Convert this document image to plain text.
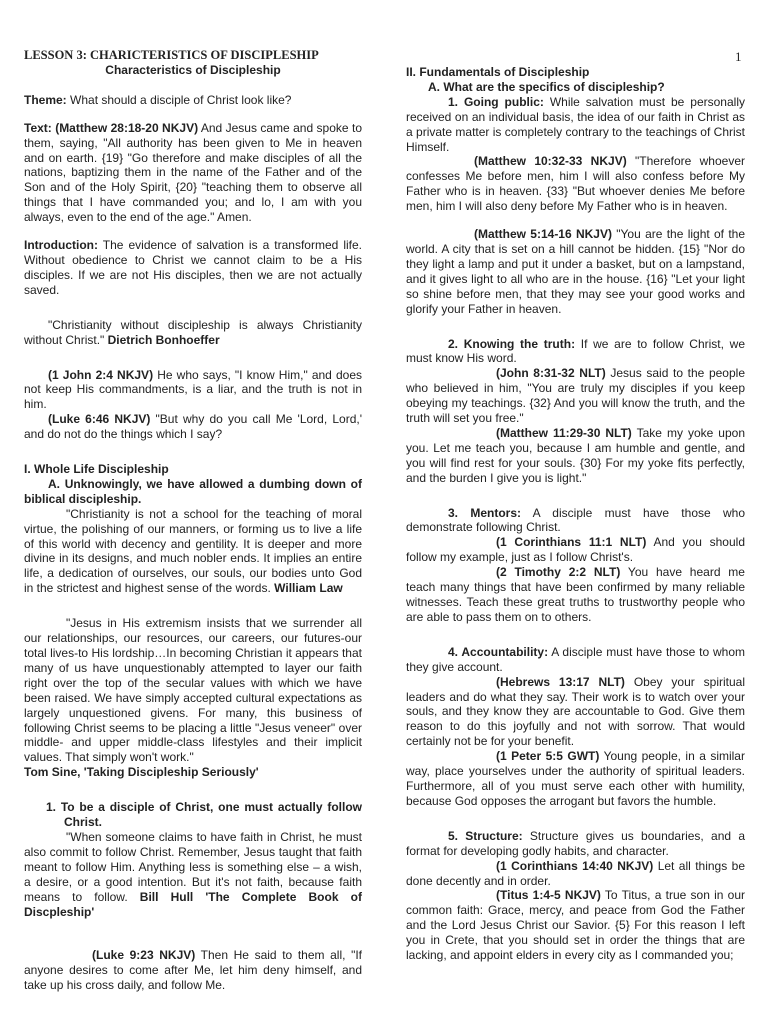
1

LESSON 3: CHARICTERISTICS OF DISCIPLESHIP

Characteristics of Discipleship

Theme: What should a disciple of Christ look like?

Text: (Matthew 28:18-20 NKJV) And Jesus came and spoke to them, saying, "All authority has been given to Me in heaven and on earth. {19} "Go therefore and make disciples of all the nations, baptizing them in the name of the Father and of the Son and of the Holy Spirit, {20} "teaching them to observe all things that I have commanded you; and lo, I am with you always, even to the end of the age." Amen.

Introduction: The evidence of salvation is a transformed life. Without obedience to Christ we cannot claim to be a His disciples. If we are not His disciples, then we are not actually saved.

"Christianity without discipleship is always Christianity without Christ." Dietrich Bonhoeffer

(1 John 2:4 NKJV) He who says, "I know Him," and does not keep His commandments, is a liar, and the truth is not in him.

(Luke 6:46 NKJV) "But why do you call Me 'Lord, Lord,' and do not do the things which I say?

I. Whole Life Discipleship

A. Unknowingly, we have allowed a dumbing down of biblical discipleship.

"Christianity is not a school for the teaching of moral virtue, the polishing of our manners, or forming us to live a life of this world with decency and gentility. It is deeper and more divine in its designs, and much nobler ends. It implies an entire life, a dedication of ourselves, our souls, our bodies unto God in the strictest and highest sense of the words. William Law

"Jesus in His extremism insists that we surrender all our relationships, our resources, our careers, our futures-our total lives-to His lordship…In becoming Christian it appears that many of us have unquestionably attempted to layer our faith right over the top of the secular values with which we have been raised. We have simply accepted cultural expectations as largely unquestioned givens. For many, this business of following Christ seems to be placing a little "Jesus veneer" over middle- and upper middle-class lifestyles and their implicit values. That simply won't work."

Tom Sine, 'Taking Discipleship Seriously'

1. To be a disciple of Christ, one must actually follow Christ.

"When someone claims to have faith in Christ, he must also commit to follow Christ. Remember, Jesus taught that faith meant to follow Him. Anything less is something else – a wish, a desire, or a good intention. But it's not faith, because faith means to follow. Bill Hull 'The Complete Book of Discpleship'

(Luke 9:23 NKJV) Then He said to them all, "If anyone desires to come after Me, let him deny himself, and take up his cross daily, and follow Me.

II. Fundamentals of Discipleship

A. What are the specifics of discipleship?

1. Going public: While salvation must be personally received on an individual basis, the idea of our faith in Christ as a private matter is completely contrary to the teachings of Christ Himself.

(Matthew 10:32-33 NKJV) "Therefore whoever confesses Me before men, him I will also confess before My Father who is in heaven. {33} "But whoever denies Me before men, him I will also deny before My Father who is in heaven.

(Matthew 5:14-16 NKJV) "You are the light of the world. A city that is set on a hill cannot be hidden. {15} "Nor do they light a lamp and put it under a basket, but on a lampstand, and it gives light to all who are in the house. {16} "Let your light so shine before men, that they may see your good works and glorify your Father in heaven.

2. Knowing the truth: If we are to follow Christ, we must know His word.

(John 8:31-32 NLT) Jesus said to the people who believed in him, "You are truly my disciples if you keep obeying my teachings. {32} And you will know the truth, and the truth will set you free."

(Matthew 11:29-30 NLT) Take my yoke upon you. Let me teach you, because I am humble and gentle, and you will find rest for your souls. {30} For my yoke fits perfectly, and the burden I give you is light."

3. Mentors: A disciple must have those who demonstrate following Christ.

(1 Corinthians 11:1 NLT) And you should follow my example, just as I follow Christ's.

(2 Timothy 2:2 NLT) You have heard me teach many things that have been confirmed by many reliable witnesses. Teach these great truths to trustworthy people who are able to pass them on to others.

4. Accountability: A disciple must have those to whom they give account.

(Hebrews 13:17 NLT) Obey your spiritual leaders and do what they say. Their work is to watch over your souls, and they know they are accountable to God. Give them reason to do this joyfully and not with sorrow. That would certainly not be for your benefit.

(1 Peter 5:5 GWT) Young people, in a similar way, place yourselves under the authority of spiritual leaders. Furthermore, all of you must serve each other with humility, because God opposes the arrogant but favors the humble.

5. Structure: Structure gives us boundaries, and a format for developing godly habits, and character.

(1 Corinthians 14:40 NKJV) Let all things be done decently and in order.

(Titus 1:4-5 NKJV) To Titus, a true son in our common faith: Grace, mercy, and peace from God the Father and the Lord Jesus Christ our Savior. {5} For this reason I left you in Crete, that you should set in order the things that are lacking, and appoint elders in every city as I commanded you;
